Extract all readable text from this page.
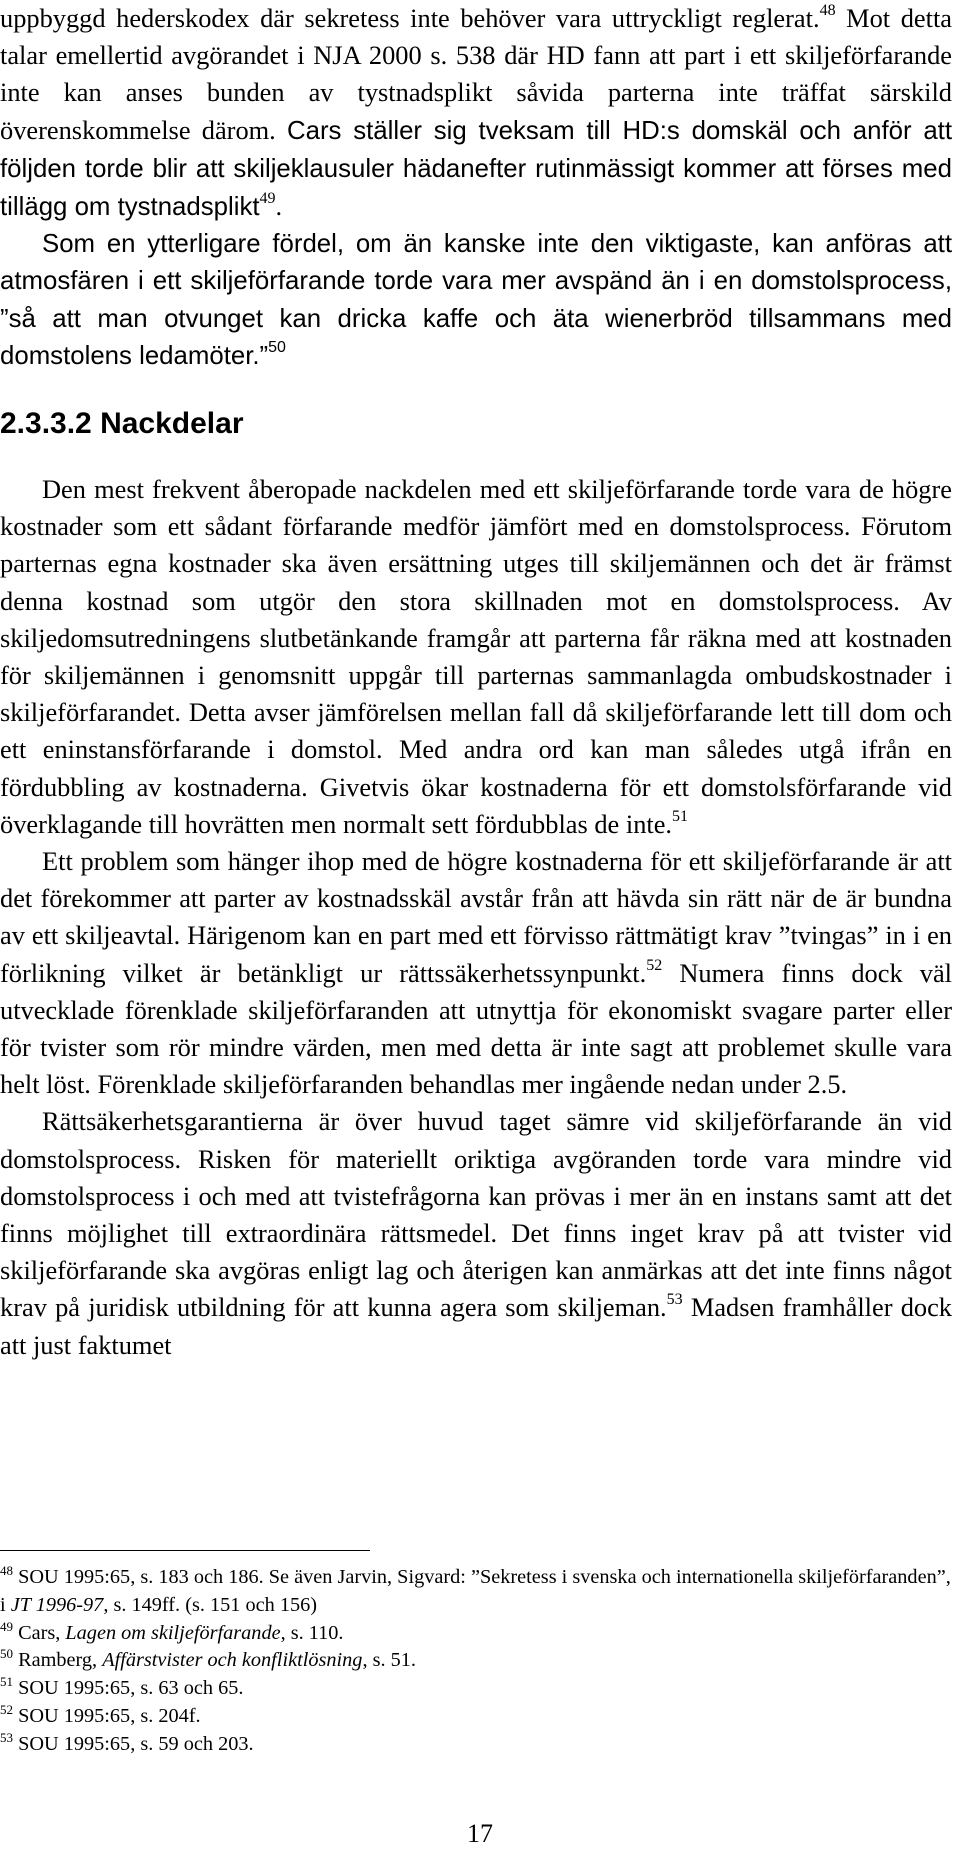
uppbyggd hederskodex där sekretess inte behöver vara uttryckligt reglerat.$^{48}$ Mot detta talar emellertid avgörandet i NJA 2000 s. 538 där HD fann att part i ett skiljeförfarande inte kan anses bunden av tystnadsplikt såvida parterna inte träffat särskild överenskommelse därom. Cars ställer sig tveksam till HD:s domskäl och anför att följden torde blir att skiljeklausuler hädanefter rutinmässigt kommer att förses med tillägg om tystnadsplikt$^{49}$.

Som en ytterligare fördel, om än kanske inte den viktigaste, kan anföras att atmosfären i ett skiljeförfarande torde vara mer avspänd än i en domstolsprocess, ”så att man otvunget kan dricka kaffe och äta wienerbröd tillsammans med domstolens ledamöter.”$^{50}$

2.3.3.2 Nackdelar

Den mest frekvent åberopade nackdelen med ett skiljeförfarande torde vara de högre kostnader som ett sådant förfarande medför jämfört med en domstolsprocess. Förutom parternas egna kostnader ska även ersättning utges till skiljemännen och det är främst denna kostnad som utgör den stora skillnaden mot en domstolsprocess. Av skiljedomsutredningens slutbetänkande framgår att parterna får räkna med att kostnaden för skiljemännen i genomsnitt uppgår till parternas sammanlagda ombudskostnader i skiljeförfarandet. Detta avser jämförelsen mellan fall då skiljeförfarande lett till dom och ett eninstansförfarande i domstol. Med andra ord kan man således utgå ifrån en fördubbling av kostnaderna. Givetvis ökar kostnaderna för ett domstolsförfarande vid överklagande till hovrätten men normalt sett fördubblas de inte.$^{51}$

Ett problem som hänger ihop med de högre kostnaderna för ett skiljeförfarande är att det förekommer att parter av kostnadsskäl avstår från att hävda sin rätt när de är bundna av ett skiljeavtal. Härigenom kan en part med ett förvisso rättmätigt krav ”tvingas” in i en förlikning vilket är betänkligt ur rättssäkerhetssynpunkt.$^{52}$ Numera finns dock väl utvecklade förenklade skiljeförfaranden att utnyttja för ekonomiskt svagare parter eller för tvister som rör mindre värden, men med detta är inte sagt att problemet skulle vara helt löst. Förenklade skiljeförfaranden behandlas mer ingående nedan under 2.5.

Rättsäkerhetsgarantierna är över huvud taget sämre vid skiljeförfarande än vid domstolsprocess. Risken för materiellt oriktiga avgöranden torde vara mindre vid domstolsprocess i och med att tvistefrågorna kan prövas i mer än en instans samt att det finns möjlighet till extraordinära rättsmedel. Det finns inget krav på att tvister vid skiljeförfarande ska avgöras enligt lag och återigen kan anmärkas att det inte finns något krav på juridisk utbildning för att kunna agera som skiljeman.$^{53}$ Madsen framhåller dock att just faktumet

$^{48}$ SOU 1995:65, s. 183 och 186. Se även Jarvin, Sigvard: ”Sekretess i svenska och internationella skiljeförfaranden”, i JT 1996-97, s. 149ff. (s. 151 och 156)

$^{49}$ Cars, Lagen om skiljeförfarande, s. 110.

$^{50}$ Ramberg, Affärstvister och konfliktlösning, s. 51.

$^{51}$ SOU 1995:65, s. 63 och 65.

$^{52}$ SOU 1995:65, s. 204f.

$^{53}$ SOU 1995:65, s. 59 och 203.

17
